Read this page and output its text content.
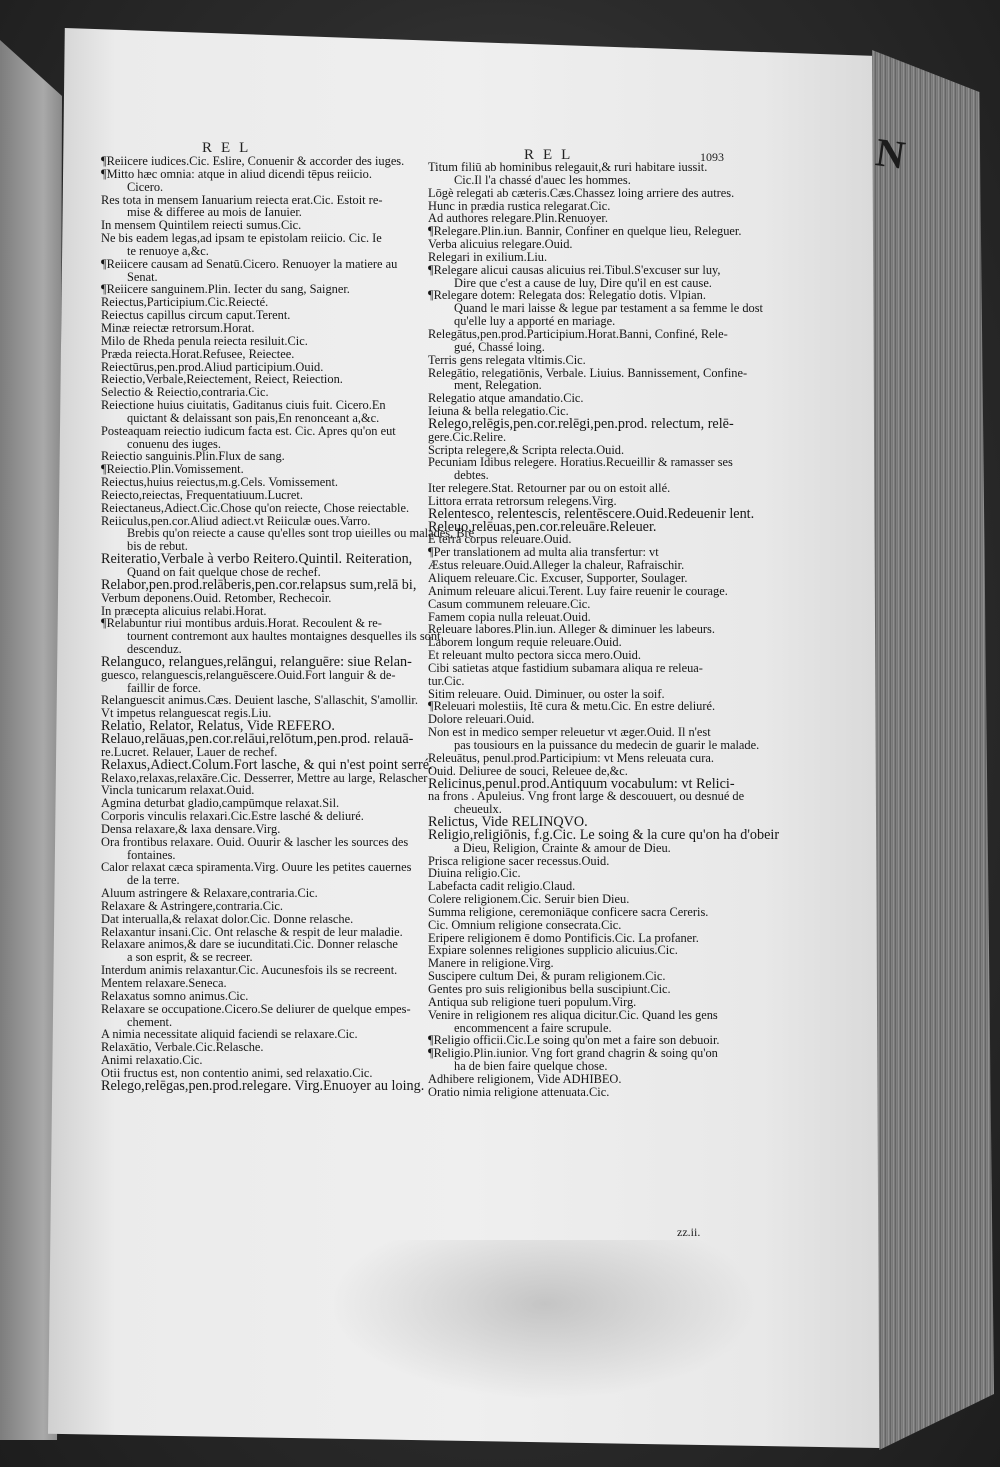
N
REL	REL	1093
¶Reiicere iudices.Cic. Eslire, Conuenir & accorder des iuges.
¶Mitto hæc omnia: atque in aliud dicendi tēpus reiicio.
Cicero.
Res tota in mensem Ianuarium reiecta erat.Cic. Estoit re-
mise & differee au mois de Ianuier.
In mensem Quintilem reiecti sumus.Cic.
Ne bis eadem legas,ad ipsam te epistolam reiicio. Cic. Ie
te renuoye a,&c.
¶Reiicere causam ad Senatū.Cicero. Renuoyer la matiere au
Senat.
¶Reiicere sanguinem.Plin. Iecter du sang, Saigner.
Reiectus,Participium.Cic.Reiecté.
Reiectus capillus circum caput.Terent.
Minæ reiectæ retrorsum.Horat.
Milo de Rheda penula reiecta resiluit.Cic.
Præda reiecta.Horat.Refusee, Reiectee.
Reiectūrus,pen.prod.Aliud participium.Ouid.
Reiectio,Verbale,Reiectement, Reiect, Reiection.
Selectio & Reiectio,contraria.Cic.
Reiectione huius ciuitatis, Gaditanus ciuis fuit. Cicero.En
quictant & delaissant son pais,En renonceant a,&c.
Posteaquam reiectio iudicum facta est. Cic. Apres qu'on eut
conuenu des iuges.
Reiectio sanguinis.Plin.Flux de sang.
¶Reiectio.Plin.Vomissement.
Reiectus,huius reiectus,m.g.Cels. Vomissement.
Reiecto,reiectas, Frequentatiuum.Lucret.
Reiectaneus,Adiect.Cic.Chose qu'on reiecte, Chose reiectable.
Reiiculus,pen.cor.Aliud adiect.vt Reiiculæ oues.Varro.
Brebis qu'on reiecte a cause qu'elles sont trop uieilles ou malades, Bre
bis de rebut.
Reiteratio,Verbale à verbo Reitero.Quintil. Reiteration,
Quand on fait quelque chose de rechef.
Relabor,pen.prod.relāberis,pen.cor.relapsus sum,relā bi,
Verbum deponens.Ouid. Retomber, Rechecoir.
In præcepta alicuius relabi.Horat.
¶Relabuntur riui montibus arduis.Horat. Recoulent & re-
tournent contremont aux haultes montaignes desquelles ils sont
descenduz.
Relanguco, relangues,relāngui, relanguēre: siue Relan-
guesco, relanguescis,relanguēscere.Ouid.Fort languir & de-
faillir de force.
Relanguescit animus.Cæs. Deuient lasche, S'allaschit, S'amollir.
Vt impetus relanguescat regis.Liu.
Relatio, Relator, Relatus, Vide REFERO.
Relauo,relāuas,pen.cor.relāui,relōtum,pen.prod. relauā-
re.Lucret. Relauer, Lauer de rechef.
Relaxus,Adiect.Colum.Fort lasche, & qui n'est point serré.
Relaxo,relaxas,relaxāre.Cic. Desserrer, Mettre au large, Relascher
Vincla tunicarum relaxat.Ouid.
Agmina deturbat gladio,campūmque relaxat.Sil.
Corporis vinculis relaxari.Cic.Estre lasché & deliuré.
Densa relaxare,& laxa densare.Virg.
Ora frontibus relaxare. Ouid. Ouurir & lascher les sources des
fontaines.
Calor relaxat cæca spiramenta.Virg. Ouure les petites cauernes
de la terre.
Aluum astringere & Relaxare,contraria.Cic.
Relaxare & Astringere,contraria.Cic.
Dat interualla,& relaxat dolor.Cic. Donne relasche.
Relaxantur insani.Cic. Ont relasche & respit de leur maladie.
Relaxare animos,& dare se iucunditati.Cic. Donner relasche
a son esprit, & se recreer.
Interdum animis relaxantur.Cic. Aucunesfois ils se recreent.
Mentem relaxare.Seneca.
Relaxatus somno animus.Cic.
Relaxare se occupatione.Cicero.Se deliurer de quelque empes-
chement.
A nimia necessitate aliquid faciendi se relaxare.Cic.
Relaxātio, Verbale.Cic.Relasche.
Animi relaxatio.Cic.
Otii fructus est, non contentio animi, sed relaxatio.Cic.
Relego,relēgas,pen.prod.relegare. Virg.Enuoyer au loing.
Titum filiū ab hominibus relegauit,& ruri habitare iussit.
Cic.Il l'a chassé d'auec les hommes.
Lōgè relegati ab cæteris.Cæs.Chassez loing arriere des autres.
Hunc in prædia rustica relegarat.Cic.
Ad authores relegare.Plin.Renuoyer.
¶Relegare.Plin.iun. Bannir, Confiner en quelque lieu, Releguer.
Verba alicuius relegare.Ouid.
Relegari in exilium.Liu.
¶Relegare alicui causas alicuius rei.Tibul.S'excuser sur luy,
Dire que c'est a cause de luy, Dire qu'il en est cause.
¶Relegare dotem: Relegata dos: Relegatio dotis. Vlpian.
Quand le mari laisse & legue par testament a sa femme le dost
qu'elle luy a apporté en mariage.
Relegātus,pen.prod.Participium.Horat.Banni, Confiné, Rele-
gué, Chassé loing.
Terris gens relegata vltimis.Cic.
Relegātio, relegatiōnis, Verbale. Liuius. Bannissement, Confine-
ment, Relegation.
Relegatio atque amandatio.Cic.
Ieiuna & bella relegatio.Cic.
Relego,relēgis,pen.cor.relēgi,pen.prod. relectum, relē-
gere.Cic.Relire.
Scripta relegere,& Scripta relecta.Ouid.
Pecuniam Idibus relegere. Horatius.Recueillir & ramasser ses
debtes.
Iter relegere.Stat. Retourner par ou on estoit allé.
Littora errata retrorsum relegens.Virg.
Relentesco, relentescis, relentēscere.Ouid.Redeuenir lent.
Releuo,relēuas,pen.cor.releuāre.Releuer.
E terra corpus releuare.Ouid.
¶Per translationem ad multa alia transfertur: vt
Æstus releuare.Ouid.Alleger la chaleur, Rafraischir.
Aliquem releuare.Cic. Excuser, Supporter, Soulager.
Animum releuare alicui.Terent. Luy faire reuenir le courage.
Casum communem releuare.Cic.
Famem copia nulla releuat.Ouid.
Releuare labores.Plin.iun. Alleger & diminuer les labeurs.
Laborem longum requie releuare.Ouid.
Et releuant multo pectora sicca mero.Ouid.
Cibi satietas atque fastidium subamara aliqua re releua-
tur.Cic.
Sitim releuare. Ouid. Diminuer, ou oster la soif.
¶Releuari molestiis, Itē cura & metu.Cic. En estre deliuré.
Dolore releuari.Ouid.
Non est in medico semper releuetur vt æger.Ouid. Il n'est
pas tousiours en la puissance du medecin de guarir le malade.
Releuātus, penul.prod.Participium: vt Mens releuata cura.
Ouid. Deliuree de souci, Releuee de,&c.
Relicinus,penul.prod.Antiquum vocabulum: vt Relici-
na frons . Apuleius. Vng front large & descouuert, ou desnué de
cheueulx.
Relictus, Vide RELINQVO.
Religio,religiōnis, f.g.Cic. Le soing & la cure qu'on ha d'obeir
a Dieu, Religion, Crainte & amour de Dieu.
Prisca religione sacer recessus.Ouid.
Diuina religio.Cic.
Labefacta cadit religio.Claud.
Colere religionem.Cic. Seruir bien Dieu.
Summa religione, ceremoniāque conficere sacra Cereris.
Cic. Omnium religione consecrata.Cic.
Eripere religionem ē domo Pontificis.Cic. La profaner.
Expiare solennes religiones supplicio alicuius.Cic.
Manere in religione.Virg.
Suscipere cultum Dei, & puram religionem.Cic.
Gentes pro suis religionibus bella suscipiunt.Cic.
Antiqua sub religione tueri populum.Virg.
Venire in religionem res aliqua dicitur.Cic. Quand les gens
encommencent a faire scrupule.
¶Religio officii.Cic.Le soing qu'on met a faire son debuoir.
¶Religio.Plin.iunior. Vng fort grand chagrin & soing qu'on
ha de bien faire quelque chose.
Adhibere religionem, Vide ADHIBEO.
Oratio nimia religione attenuata.Cic.
zz.ii.
